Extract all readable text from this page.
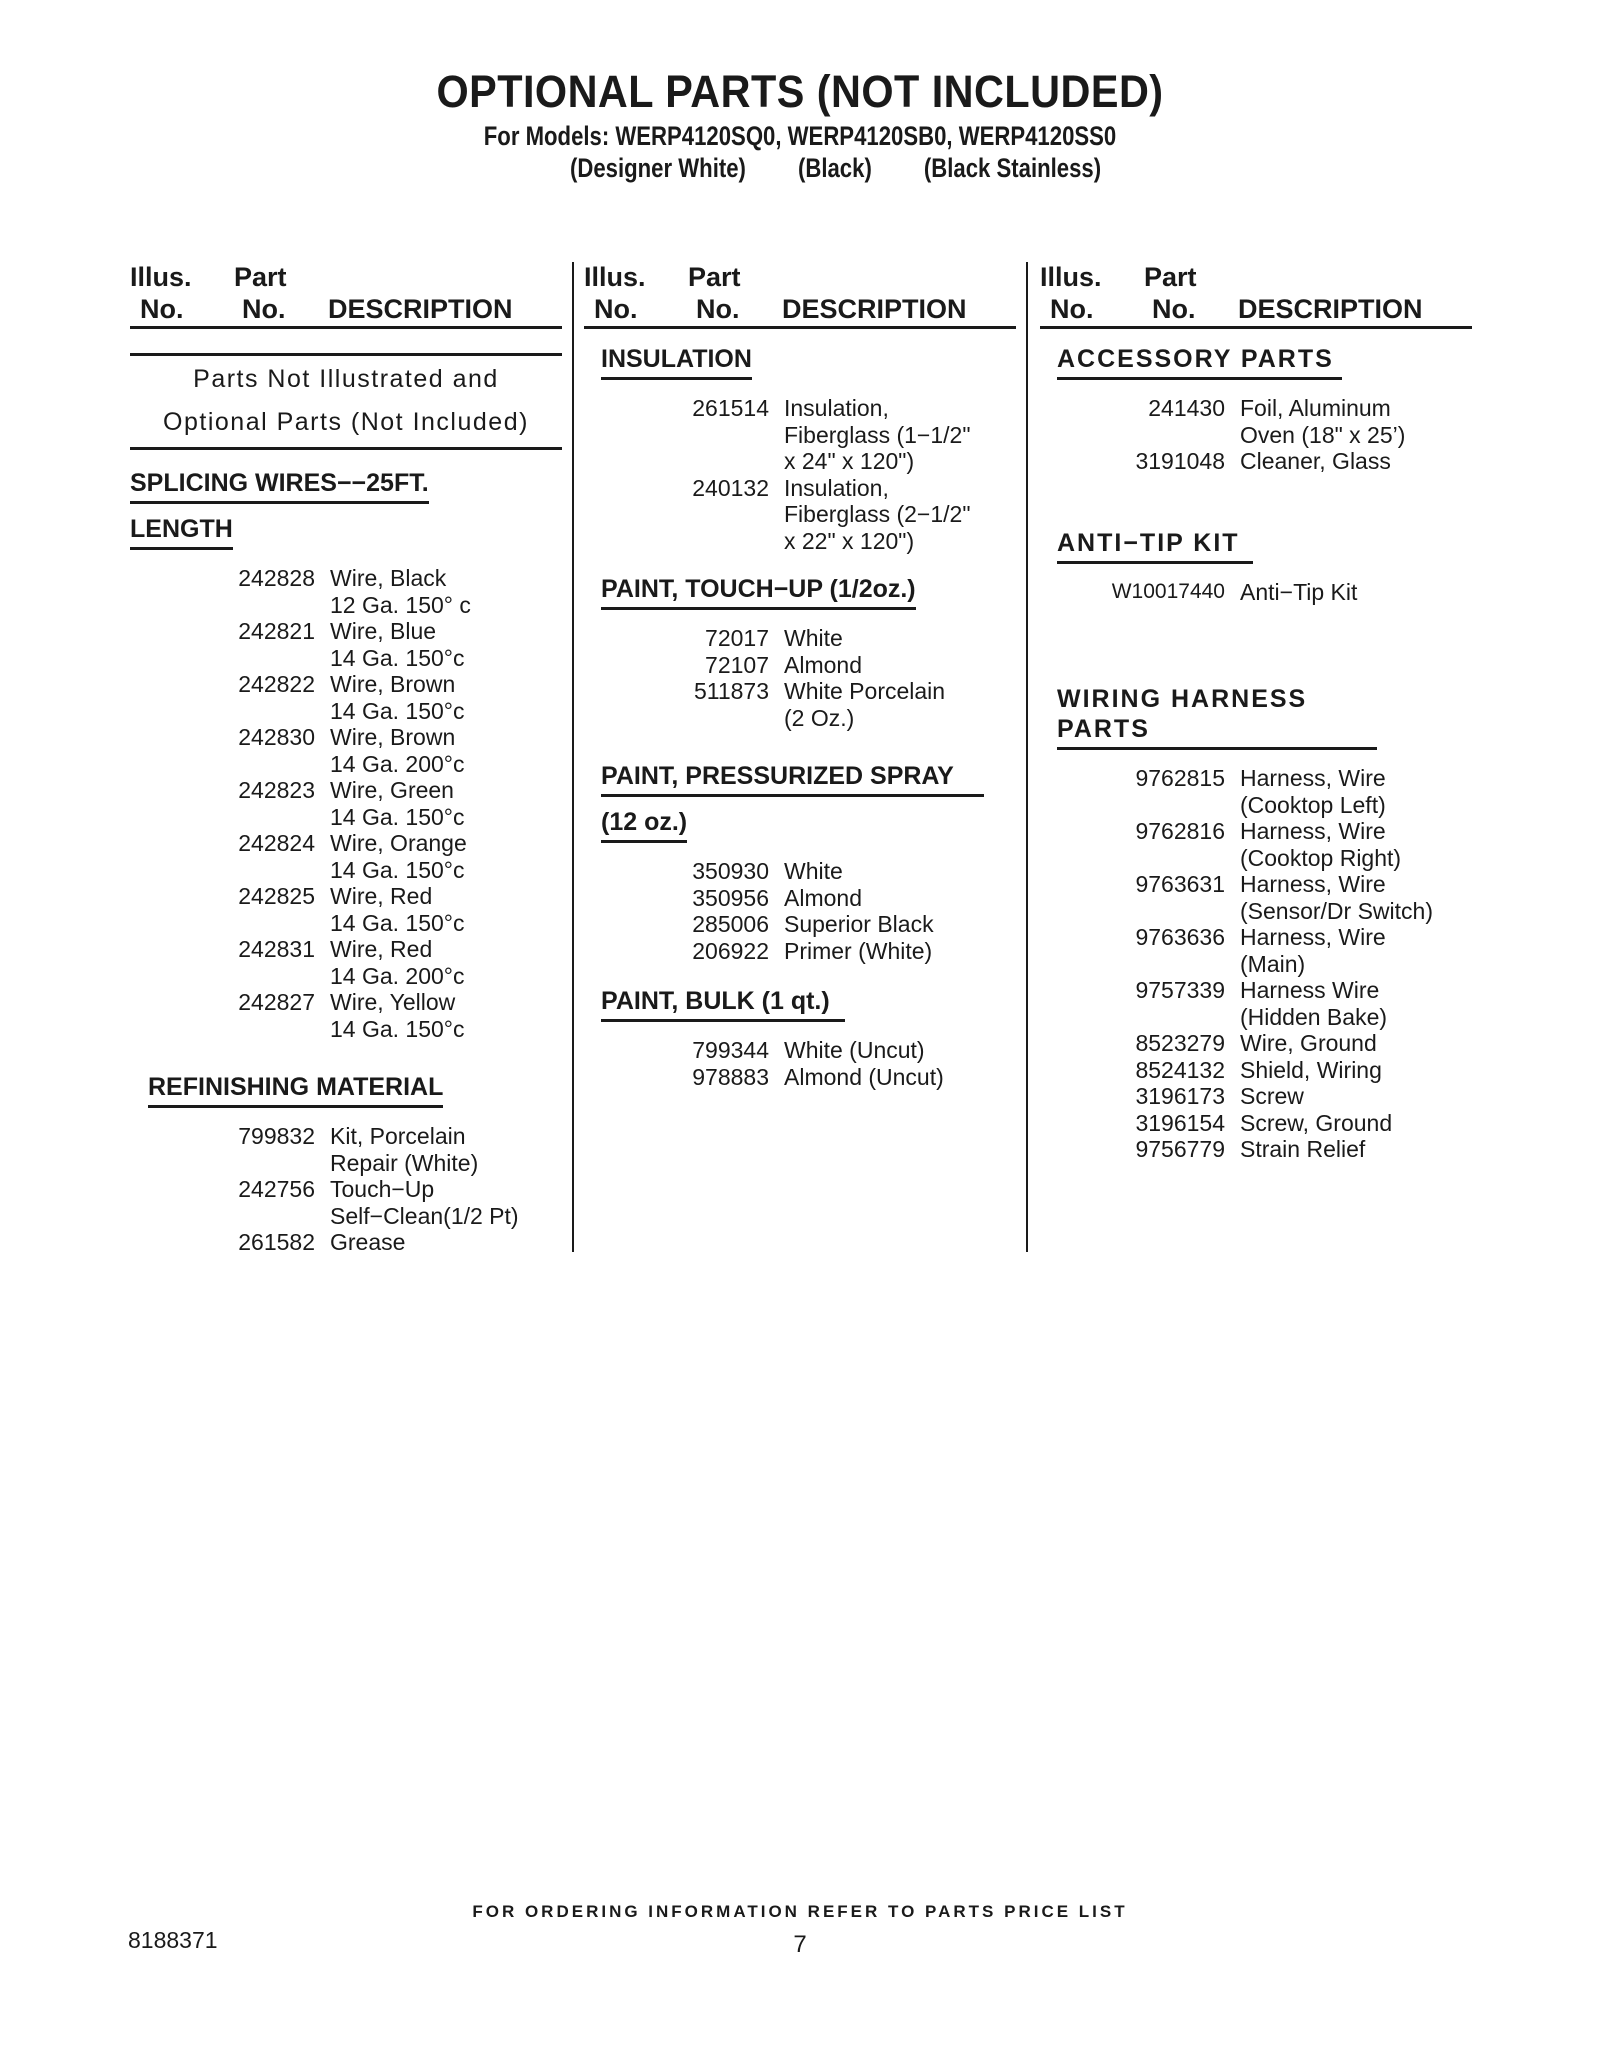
OPTIONAL PARTS (NOT INCLUDED)
For Models: WERP4120SQ0, WERP4120SB0, WERP4120SS0
(Designer White) (Black) (Black Stainless)
Illus. Part
No. No. DESCRIPTION
Parts Not Illustrated and
Optional Parts (Not Included)
SPLICING WIRES−−25FT.
LENGTH
242828 Wire, Black
12 Ga. 150° c
242821 Wire, Blue
14 Ga. 150°c
242822 Wire, Brown
14 Ga. 150°c
242830 Wire, Brown
14 Ga. 200°c
242823 Wire, Green
14 Ga. 150°c
242824 Wire, Orange
14 Ga. 150°c
242825 Wire, Red
14 Ga. 150°c
242831 Wire, Red
14 Ga. 200°c
242827 Wire, Yellow
14 Ga. 150°c
REFINISHING MATERIAL
799832 Kit, Porcelain
Repair (White)
242756 Touch−Up
Self−Clean(1/2 Pt)
261582 Grease
Illus. Part
No. No. DESCRIPTION
INSULATION
261514 Insulation,
Fiberglass (1−1/2"
x 24" x 120")
240132 Insulation,
Fiberglass (2−1/2"
x 22" x 120")
PAINT, TOUCH−UP (1/2oz.)
72017 White
72107 Almond
511873 White Porcelain
(2 Oz.)
PAINT, PRESSURIZED SPRAY
(12 oz.)
350930 White
350956 Almond
285006 Superior Black
206922 Primer (White)
PAINT, BULK (1 qt.)
799344 White (Uncut)
978883 Almond (Uncut)
Illus. Part
No. No. DESCRIPTION
ACCESSORY PARTS
241430 Foil, Aluminum
Oven (18" x 25’)
3191048 Cleaner, Glass
ANTI−TIP KIT
W10017440 Anti−Tip Kit
WIRING HARNESS PARTS
9762815 Harness, Wire
(Cooktop Left)
9762816 Harness, Wire
(Cooktop Right)
9763631 Harness, Wire
(Sensor/Dr Switch)
9763636 Harness, Wire
(Main)
9757339 Harness Wire
(Hidden Bake)
8523279 Wire, Ground
8524132 Shield, Wiring
3196173 Screw
3196154 Screw, Ground
9756779 Strain Relief
FOR ORDERING INFORMATION REFER TO PARTS PRICE LIST
8188371	7
